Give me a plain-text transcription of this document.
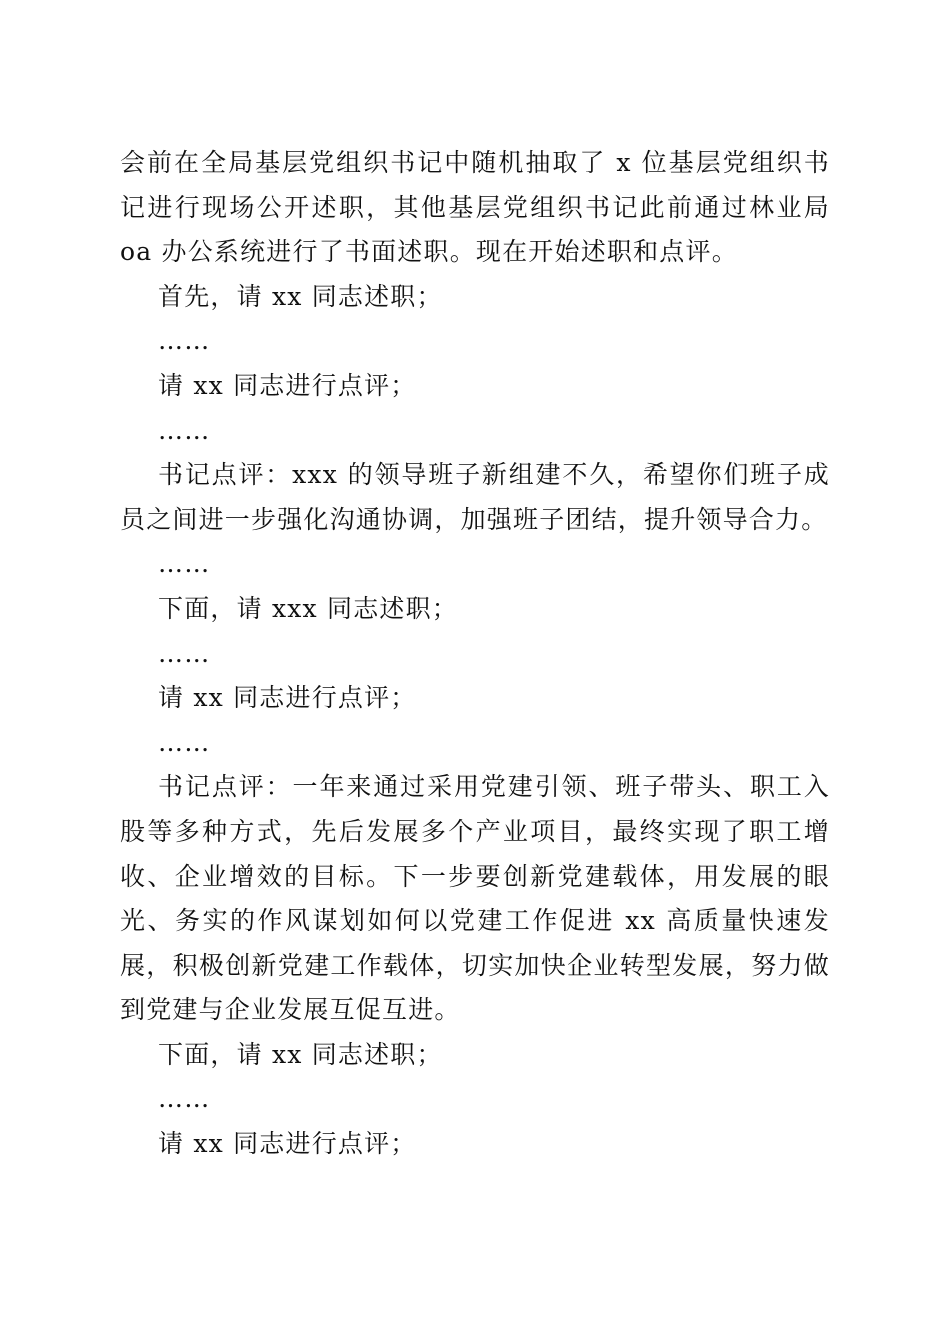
会前在全局基层党组织书记中随机抽取了 x 位基层党组织书记进行现场公开述职，其他基层党组织书记此前通过林业局 oa 办公系统进行了书面述职。现在开始述职和点评。

首先，请 xx 同志述职；

……

请 xx 同志进行点评；

……

书记点评：xxx 的领导班子新组建不久，希望你们班子成员之间进一步强化沟通协调，加强班子团结，提升领导合力。

……

下面，请 xxx 同志述职；

……

请 xx 同志进行点评；

……

书记点评：一年来通过采用党建引领、班子带头、职工入股等多种方式，先后发展多个产业项目，最终实现了职工增收、企业增效的目标。下一步要创新党建载体，用发展的眼光、务实的作风谋划如何以党建工作促进 xx 高质量快速发展，积极创新党建工作载体，切实加快企业转型发展，努力做到党建与企业发展互促互进。

下面，请 xx 同志述职；

……

请 xx 同志进行点评；
